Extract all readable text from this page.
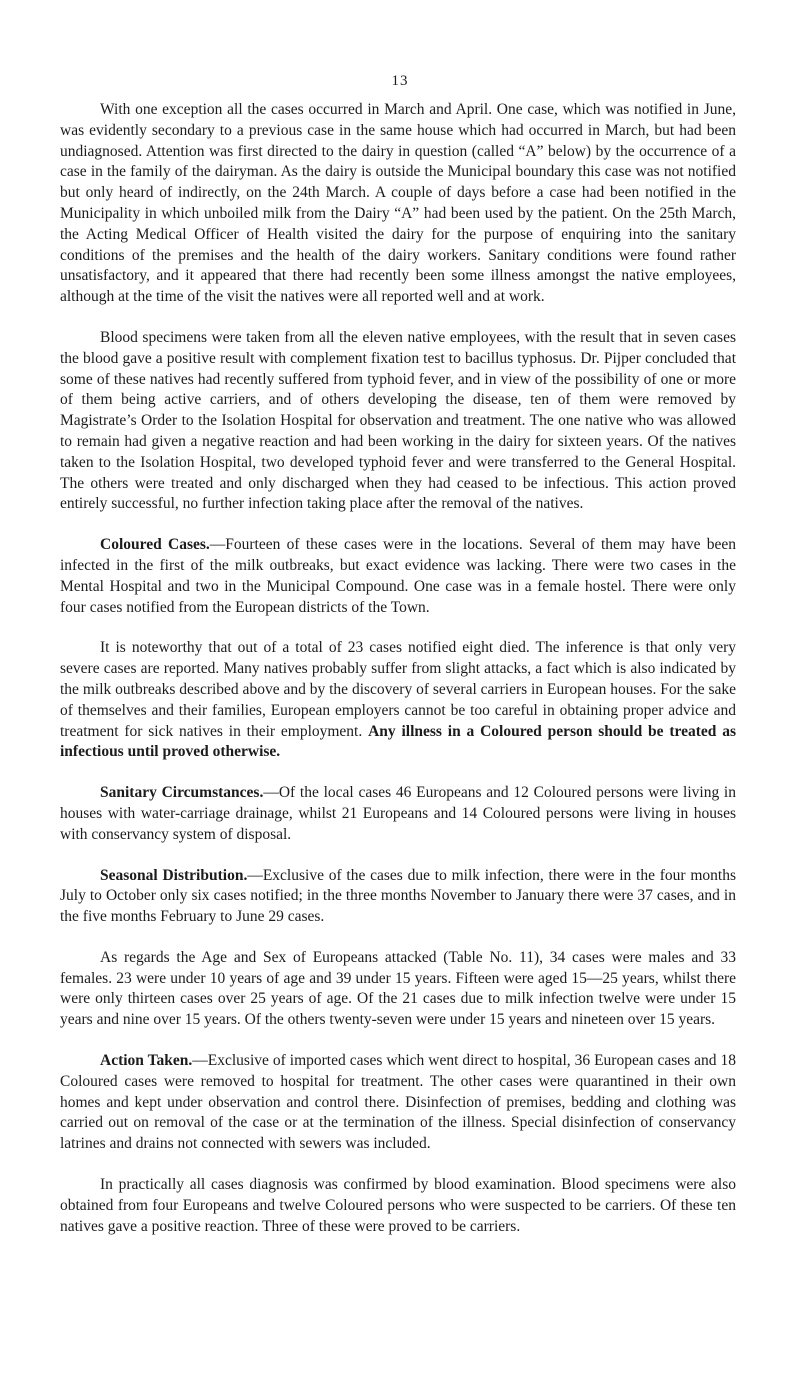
13

With one exception all the cases occurred in March and April. One case, which was notified in June, was evidently secondary to a previous case in the same house which had occurred in March, but had been undiagnosed. Attention was first directed to the dairy in question (called “A” below) by the occurrence of a case in the family of the dairyman. As the dairy is outside the Municipal boundary this case was not notified but only heard of indirectly, on the 24th March. A couple of days before a case had been notified in the Municipality in which unboiled milk from the Dairy “A” had been used by the patient. On the 25th March, the Acting Medical Officer of Health visited the dairy for the purpose of enquiring into the sanitary conditions of the premises and the health of the dairy workers. Sanitary conditions were found rather unsatisfactory, and it appeared that there had recently been some illness amongst the native employees, although at the time of the visit the natives were all reported well and at work.

Blood specimens were taken from all the eleven native employees, with the result that in seven cases the blood gave a positive result with complement fixation test to bacillus typhosus. Dr. Pijper concluded that some of these natives had recently suffered from typhoid fever, and in view of the possibility of one or more of them being active carriers, and of others developing the disease, ten of them were removed by Magistrate’s Order to the Isolation Hospital for observation and treatment. The one native who was allowed to remain had given a negative reaction and had been working in the dairy for sixteen years. Of the natives taken to the Isolation Hospital, two developed typhoid fever and were transferred to the General Hospital. The others were treated and only discharged when they had ceased to be infectious. This action proved entirely successful, no further infection taking place after the removal of the natives.

Coloured Cases.—Fourteen of these cases were in the locations. Several of them may have been infected in the first of the milk outbreaks, but exact evidence was lacking. There were two cases in the Mental Hospital and two in the Municipal Compound. One case was in a female hostel. There were only four cases notified from the European districts of the Town.

It is noteworthy that out of a total of 23 cases notified eight died. The inference is that only very severe cases are reported. Many natives probably suffer from slight attacks, a fact which is also indicated by the milk outbreaks described above and by the discovery of several carriers in European houses. For the sake of themselves and their families, European employers cannot be too careful in obtaining proper advice and treatment for sick natives in their employment. Any illness in a Coloured person should be treated as infectious until proved otherwise.

Sanitary Circumstances.—Of the local cases 46 Europeans and 12 Coloured persons were living in houses with water-carriage drainage, whilst 21 Europeans and 14 Coloured persons were living in houses with conservancy system of disposal.

Seasonal Distribution.—Exclusive of the cases due to milk infection, there were in the four months July to October only six cases notified; in the three months November to January there were 37 cases, and in the five months February to June 29 cases.

As regards the Age and Sex of Europeans attacked (Table No. 11), 34 cases were males and 33 females. 23 were under 10 years of age and 39 under 15 years. Fifteen were aged 15—25 years, whilst there were only thirteen cases over 25 years of age. Of the 21 cases due to milk infection twelve were under 15 years and nine over 15 years. Of the others twenty-seven were under 15 years and nineteen over 15 years.

Action Taken.—Exclusive of imported cases which went direct to hospital, 36 European cases and 18 Coloured cases were removed to hospital for treatment. The other cases were quarantined in their own homes and kept under observation and control there. Disinfection of premises, bedding and clothing was carried out on removal of the case or at the termination of the illness. Special disinfection of conservancy latrines and drains not connected with sewers was included.

In practically all cases diagnosis was confirmed by blood examination. Blood specimens were also obtained from four Europeans and twelve Coloured persons who were suspected to be carriers. Of these ten natives gave a positive reaction. Three of these were proved to be carriers.
